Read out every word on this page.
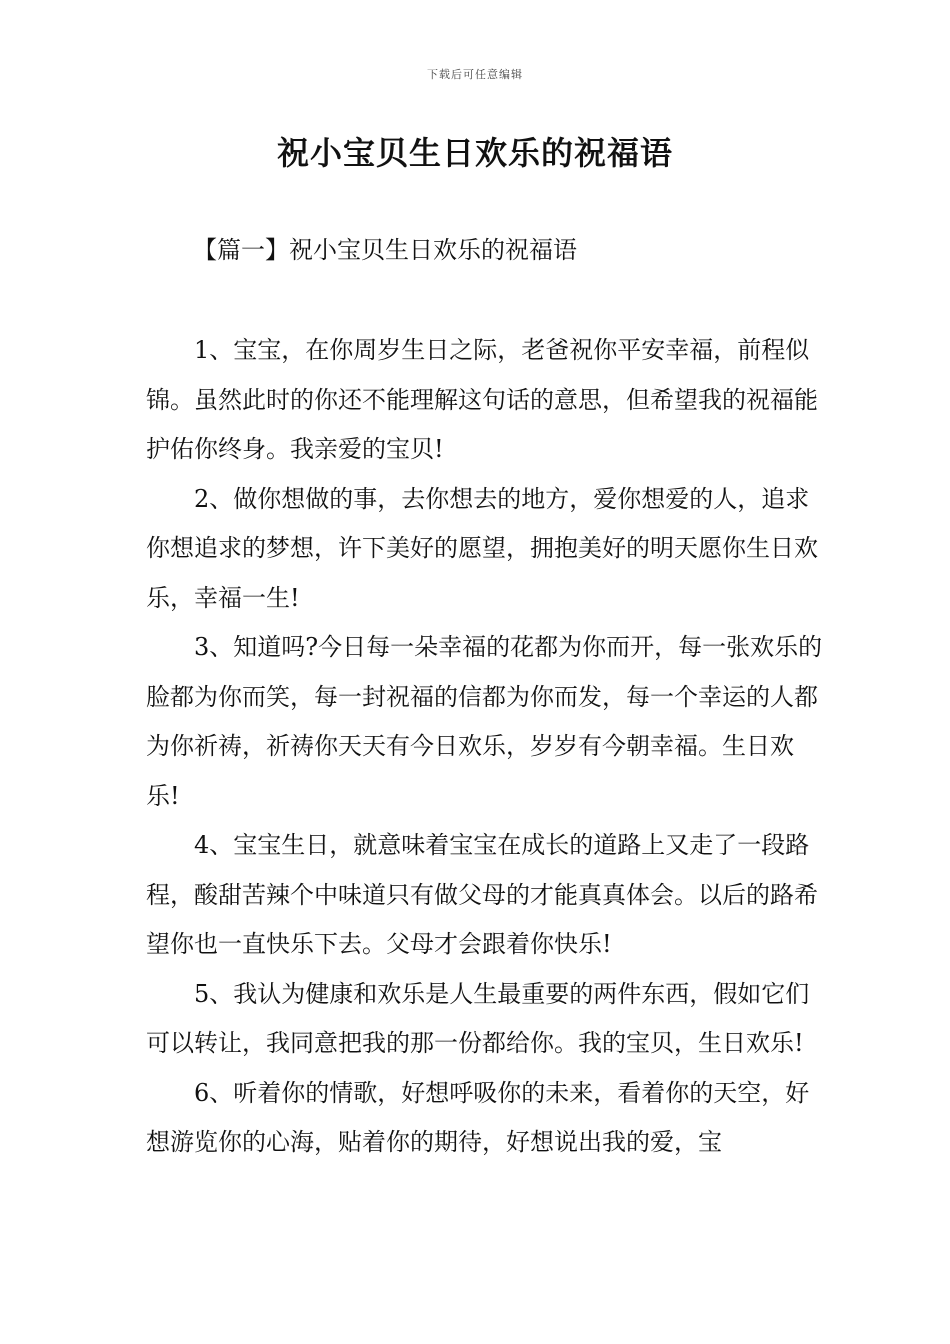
下载后可任意编辑
祝小宝贝生日欢乐的祝福语
【篇一】祝小宝贝生日欢乐的祝福语

1、宝宝，在你周岁生日之际，老爸祝你平安幸福，前程似锦。虽然此时的你还不能理解这句话的意思，但希望我的祝福能护佑你终身。我亲爱的宝贝!

2、做你想做的事，去你想去的地方，爱你想爱的人，追求你想追求的梦想，许下美好的愿望，拥抱美好的明天愿你生日欢乐，幸福一生!

3、知道吗?今日每一朵幸福的花都为你而开，每一张欢乐的脸都为你而笑，每一封祝福的信都为你而发，每一个幸运的人都为你祈祷，祈祷你天天有今日欢乐，岁岁有今朝幸福。生日欢乐!

4、宝宝生日，就意味着宝宝在成长的道路上又走了一段路程，酸甜苦辣个中味道只有做父母的才能真真体会。以后的路希望你也一直快乐下去。父母才会跟着你快乐!

5、我认为健康和欢乐是人生最重要的两件东西，假如它们可以转让，我同意把我的那一份都给你。我的宝贝，生日欢乐!

6、听着你的情歌，好想呼吸你的未来，看着你的天空，好想游览你的心海，贴着你的期待，好想说出我的爱，宝
